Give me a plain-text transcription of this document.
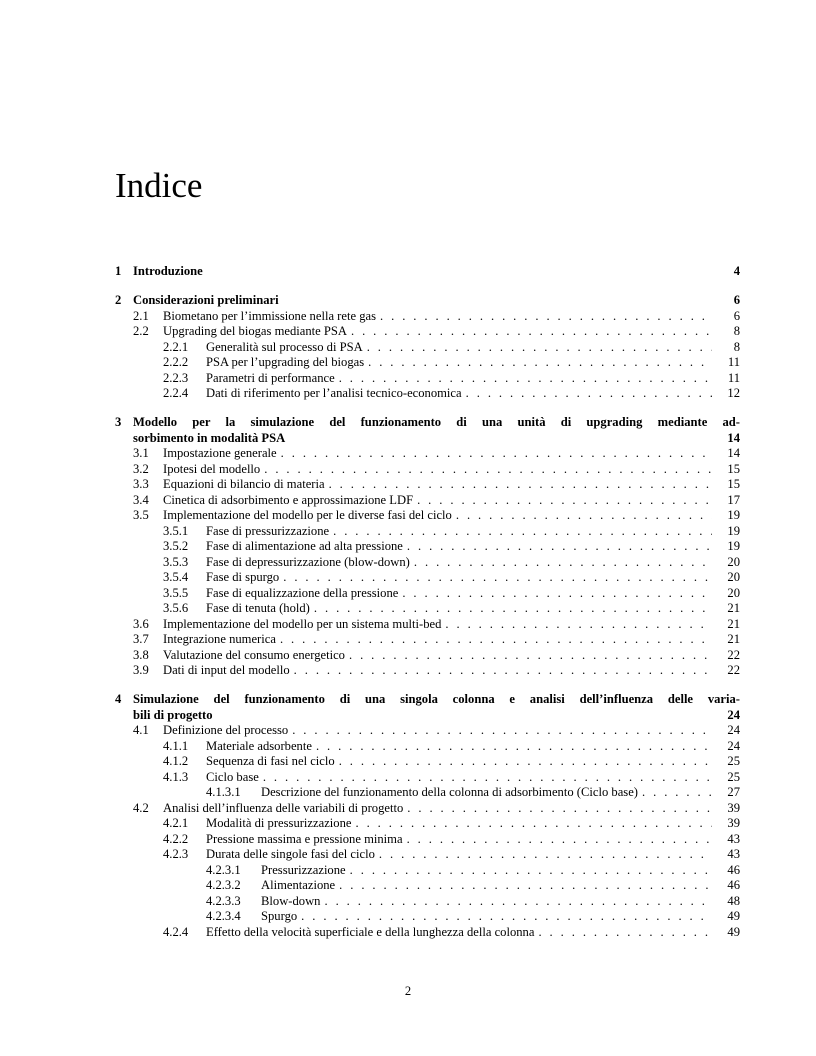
Indice
1 Introduzione	4
2 Considerazioni preliminari	6
2.1	Biometano per l’immissione nella rete gas . . .	6
2.2	Upgrading del biogas mediante PSA . . .	8
2.2.1	Generalità sul processo di PSA . . .	8
2.2.2	PSA per l’upgrading del biogas . . .	11
2.2.3	Parametri di performance . . .	11
2.2.4	Dati di riferimento per l’analisi tecnico-economica . . .	12
3 Modello per la simulazione del funzionamento di una unità di upgrading mediante ad-
sorbimento in modalità PSA	14
3.1	Impostazione generale . . .	14
3.2	Ipotesi del modello . . .	15
3.3	Equazioni di bilancio di materia . . .	15
3.4	Cinetica di adsorbimento e approssimazione LDF . . .	17
3.5	Implementazione del modello per le diverse fasi del ciclo . . .	19
3.5.1	Fase di pressurizzazione . . .	19
3.5.2	Fase di alimentazione ad alta pressione . . .	19
3.5.3	Fase di depressurizzazione (blow-down) . . .	20
3.5.4	Fase di spurgo . . .	20
3.5.5	Fase di equalizzazione della pressione . . .	20
3.5.6	Fase di tenuta (hold) . . .	21
3.6	Implementazione del modello per un sistema multi-bed . . .	21
3.7	Integrazione numerica . . .	21
3.8	Valutazione del consumo energetico . . .	22
3.9	Dati di input del modello . . .	22
4 Simulazione del funzionamento di una singola colonna e analisi dell’influenza delle varia-
bili di progetto	24
4.1	Definizione del processo . . .	24
4.1.1	Materiale adsorbente . . .	24
4.1.2	Sequenza di fasi nel ciclo . . .	25
4.1.3	Ciclo base . . .	25
4.1.3.1	Descrizione del funzionamento della colonna di adsorbimento (Ciclo base) . . .	27
4.2	Analisi dell’influenza delle variabili di progetto . . .	39
4.2.1	Modalità di pressurizzazione . . .	39
4.2.2	Pressione massima e pressione minima . . .	43
4.2.3	Durata delle singole fasi del ciclo . . .	43
4.2.3.1	Pressurizzazione . . .	46
4.2.3.2	Alimentazione . . .	46
4.2.3.3	Blow-down . . .	48
4.2.3.4	Spurgo . . .	49
4.2.4	Effetto della velocità superficiale e della lunghezza della colonna . . .	49
2
